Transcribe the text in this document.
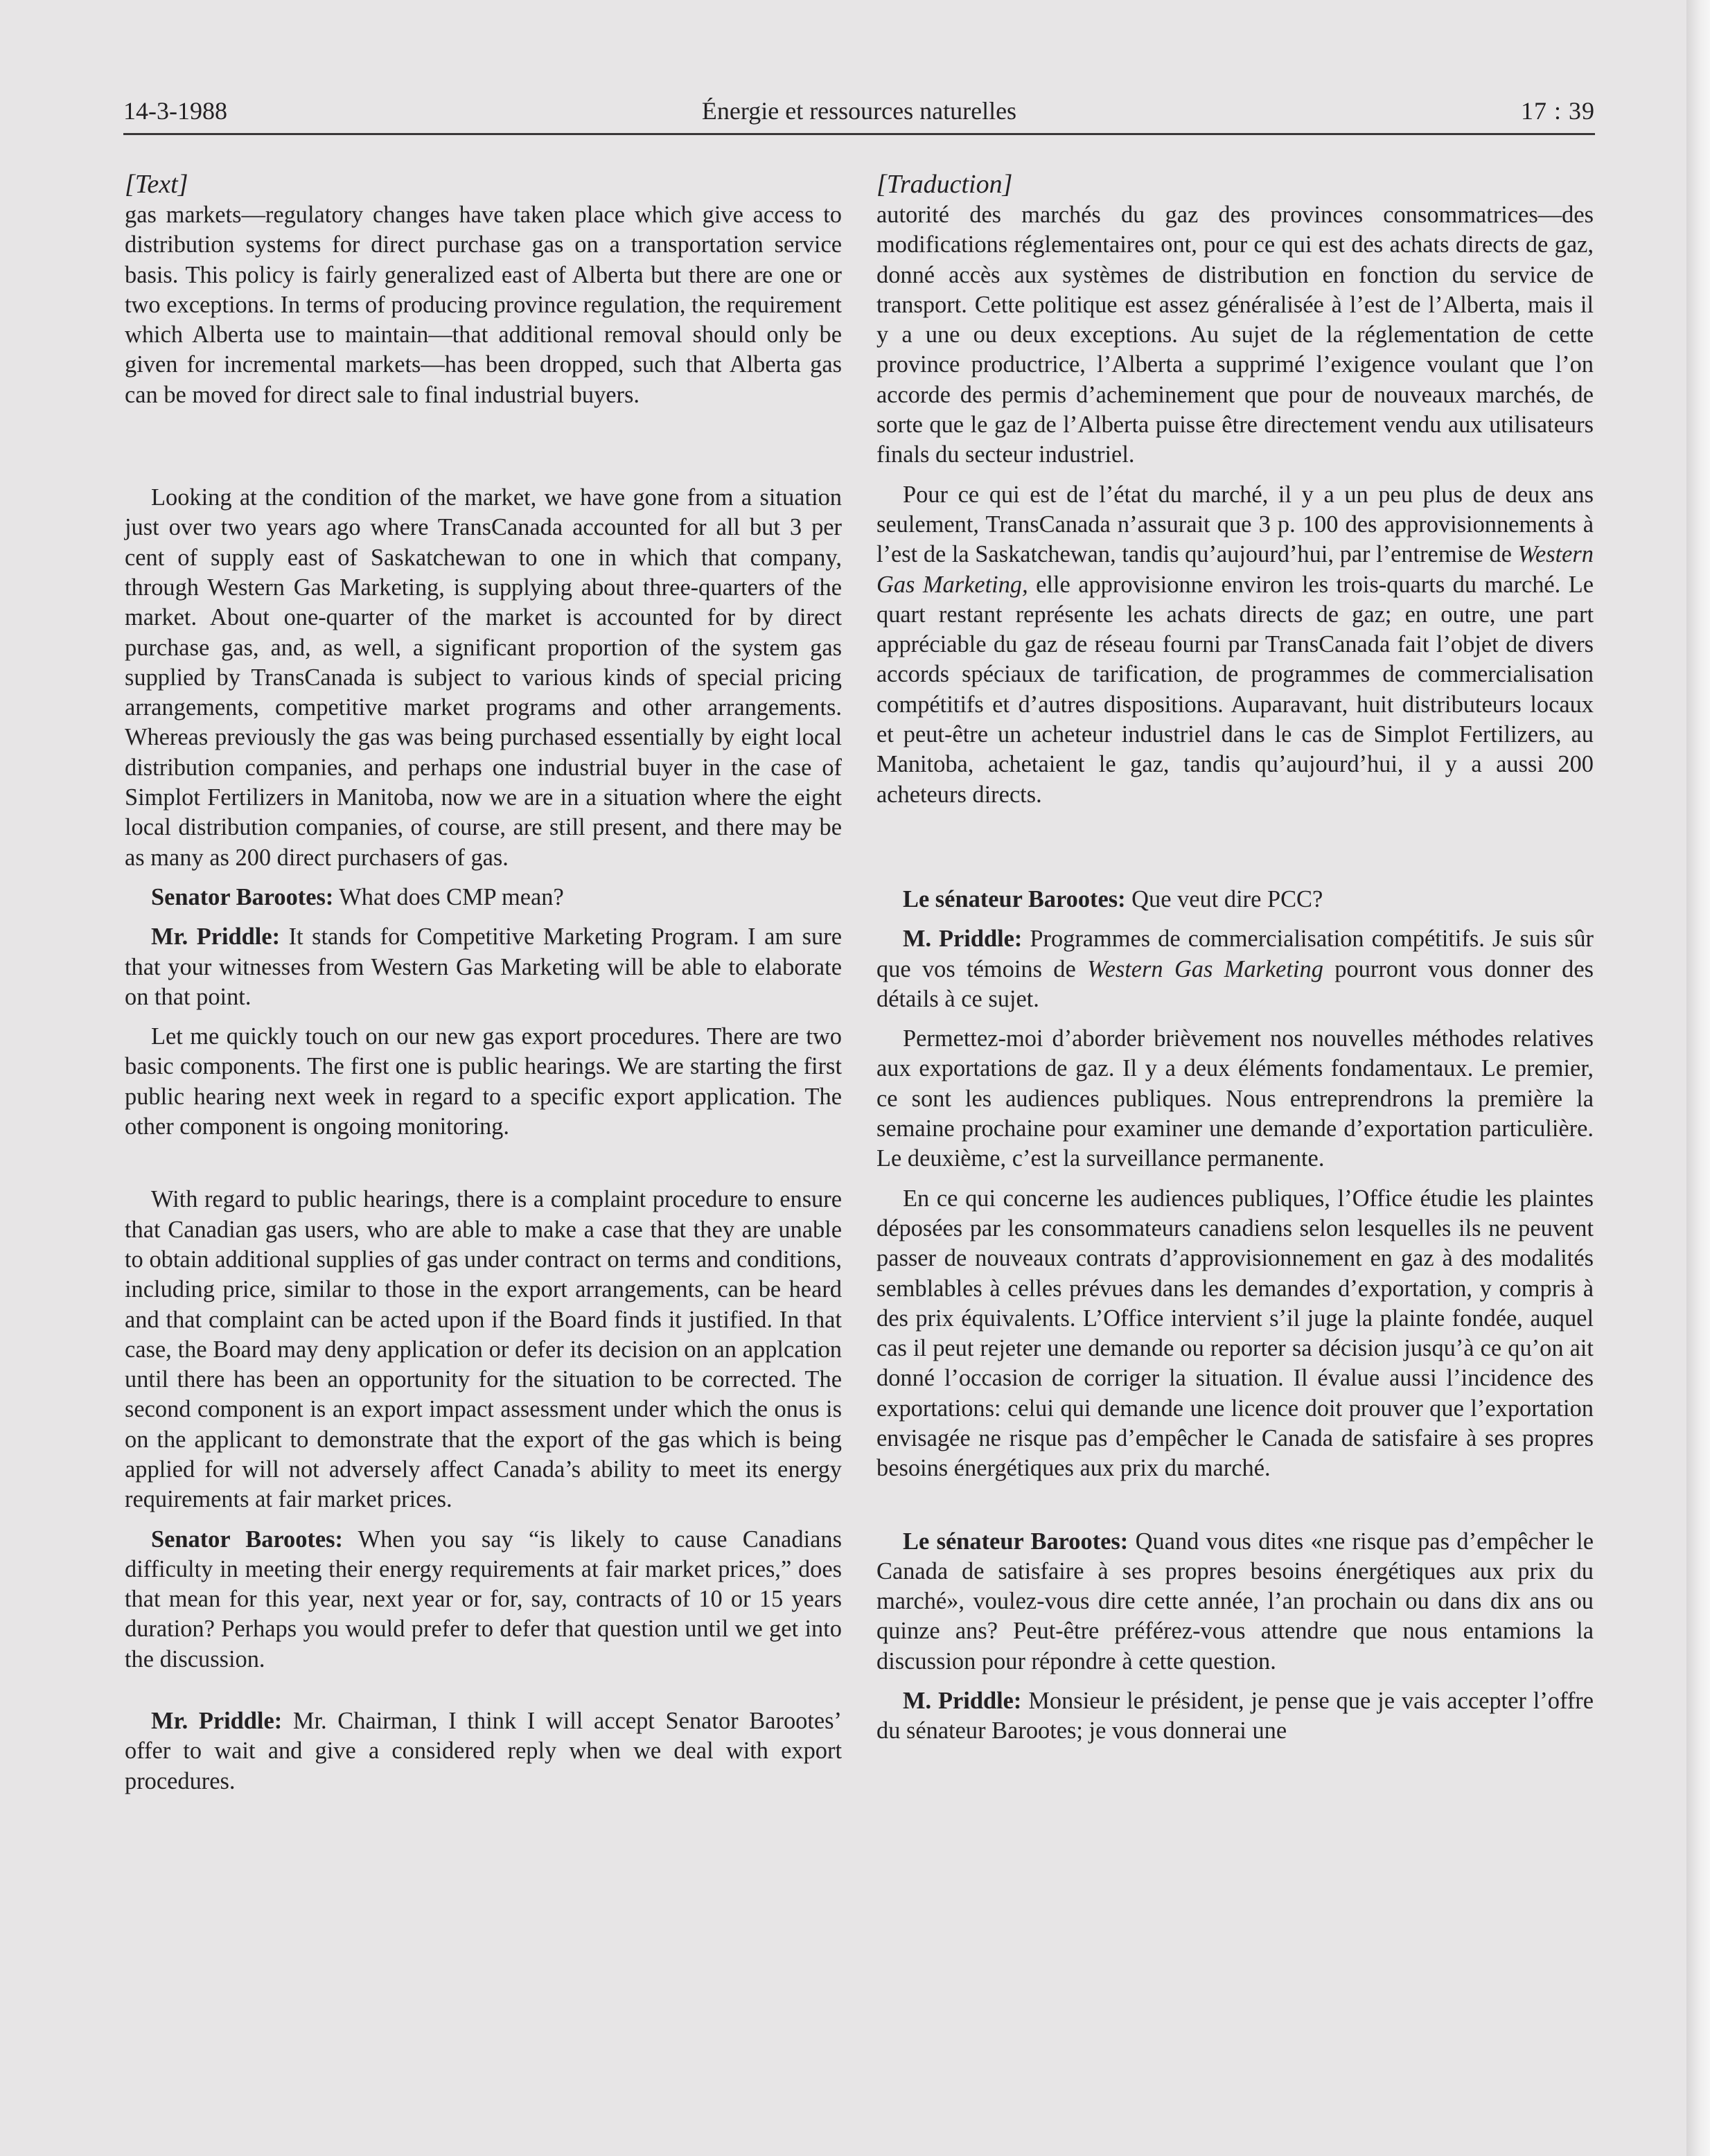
14-3-1988	Énergie et ressources naturelles	17 : 39
[Text]

gas markets—regulatory changes have taken place which give access to distribution systems for direct purchase gas on a transportation service basis. This policy is fairly generalized east of Alberta but there are one or two exceptions. In terms of producing province regulation, the requirement which Alberta use to maintain—that additional removal should only be given for incremental markets—has been dropped, such that Alberta gas can be moved for direct sale to final industrial buyers.

Looking at the condition of the market, we have gone from a situation just over two years ago where TransCanada accounted for all but 3 per cent of supply east of Saskatchewan to one in which that company, through Western Gas Marketing, is supplying about three-quarters of the market. About one-quarter of the market is accounted for by direct purchase gas, and, as well, a significant proportion of the system gas supplied by TransCanada is subject to various kinds of special pricing arrangements, competitive market programs and other arrangements. Whereas previously the gas was being purchased essentially by eight local distribution companies, and perhaps one industrial buyer in the case of Simplot Fertilizers in Manitoba, now we are in a situation where the eight local distribution companies, of course, are still present, and there may be as many as 200 direct purchasers of gas.

Senator Barootes: What does CMP mean?

Mr. Priddle: It stands for Competitive Marketing Program. I am sure that your witnesses from Western Gas Marketing will be able to elaborate on that point.

Let me quickly touch on our new gas export procedures. There are two basic components. The first one is public hearings. We are starting the first public hearing next week in regard to a specific export application. The other component is ongoing monitoring.

With regard to public hearings, there is a complaint procedure to ensure that Canadian gas users, who are able to make a case that they are unable to obtain additional supplies of gas under contract on terms and conditions, including price, similar to those in the export arrangements, can be heard and that complaint can be acted upon if the Board finds it justified. In that case, the Board may deny application or defer its decision on an applcation until there has been an opportunity for the situation to be corrected. The second component is an export impact assessment under which the onus is on the applicant to demonstrate that the export of the gas which is being applied for will not adversely affect Canada’s ability to meet its energy requirements at fair market prices.

Senator Barootes: When you say “is likely to cause Canadians difficulty in meeting their energy requirements at fair market prices,” does that mean for this year, next year or for, say, contracts of 10 or 15 years duration? Perhaps you would prefer to defer that question until we get into the discussion.

Mr. Priddle: Mr. Chairman, I think I will accept Senator Barootes’ offer to wait and give a considered reply when we deal with export procedures.

[Traduction]

autorité des marchés du gaz des provinces consommatrices—des modifications réglementaires ont, pour ce qui est des achats directs de gaz, donné accès aux systèmes de distribution en fonction du service de transport. Cette politique est assez généralisée à l’est de l’Alberta, mais il y a une ou deux exceptions. Au sujet de la réglementation de cette province productrice, l’Alberta a supprimé l’exigence voulant que l’on accorde des permis d’acheminement que pour de nouveaux marchés, de sorte que le gaz de l’Alberta puisse être directement vendu aux utilisateurs finals du secteur industriel.

Pour ce qui est de l’état du marché, il y a un peu plus de deux ans seulement, TransCanada n’assurait que 3 p. 100 des approvisionnements à l’est de la Saskatchewan, tandis qu’aujourd’hui, par l’entremise de Western Gas Marketing, elle approvisionne environ les trois-quarts du marché. Le quart restant représente les achats directs de gaz; en outre, une part appréciable du gaz de réseau fourni par TransCanada fait l’objet de divers accords spéciaux de tarification, de programmes de commercialisation compétitifs et d’autres dispositions. Auparavant, huit distributeurs locaux et peut-être un acheteur industriel dans le cas de Simplot Fertilizers, au Manitoba, achetaient le gaz, tandis qu’aujourd’hui, il y a aussi 200 acheteurs directs.

Le sénateur Barootes: Que veut dire PCC?

M. Priddle: Programmes de commercialisation compétitifs. Je suis sûr que vos témoins de Western Gas Marketing pourront vous donner des détails à ce sujet.

Permettez-moi d’aborder brièvement nos nouvelles méthodes relatives aux exportations de gaz. Il y a deux éléments fondamentaux. Le premier, ce sont les audiences publiques. Nous entreprendrons la première la semaine prochaine pour examiner une demande d’exportation particulière. Le deuxième, c’est la surveillance permanente.

En ce qui concerne les audiences publiques, l’Office étudie les plaintes déposées par les consommateurs canadiens selon lesquelles ils ne peuvent passer de nouveaux contrats d’approvisionnement en gaz à des modalités semblables à celles prévues dans les demandes d’exportation, y compris à des prix équivalents. L’Office intervient s’il juge la plainte fondée, auquel cas il peut rejeter une demande ou reporter sa décision jusqu’à ce qu’on ait donné l’occasion de corriger la situation. Il évalue aussi l’incidence des exportations: celui qui demande une licence doit prouver que l’exportation envisagée ne risque pas d’empêcher le Canada de satisfaire à ses propres besoins énergétiques aux prix du marché.

Le sénateur Barootes: Quand vous dites «ne risque pas d’empêcher le Canada de satisfaire à ses propres besoins énergétiques aux prix du marché», voulez-vous dire cette année, l’an prochain ou dans dix ans ou quinze ans? Peut-être préférez-vous attendre que nous entamions la discussion pour répondre à cette question.

M. Priddle: Monsieur le président, je pense que je vais accepter l’offre du sénateur Barootes; je vous donnerai une
